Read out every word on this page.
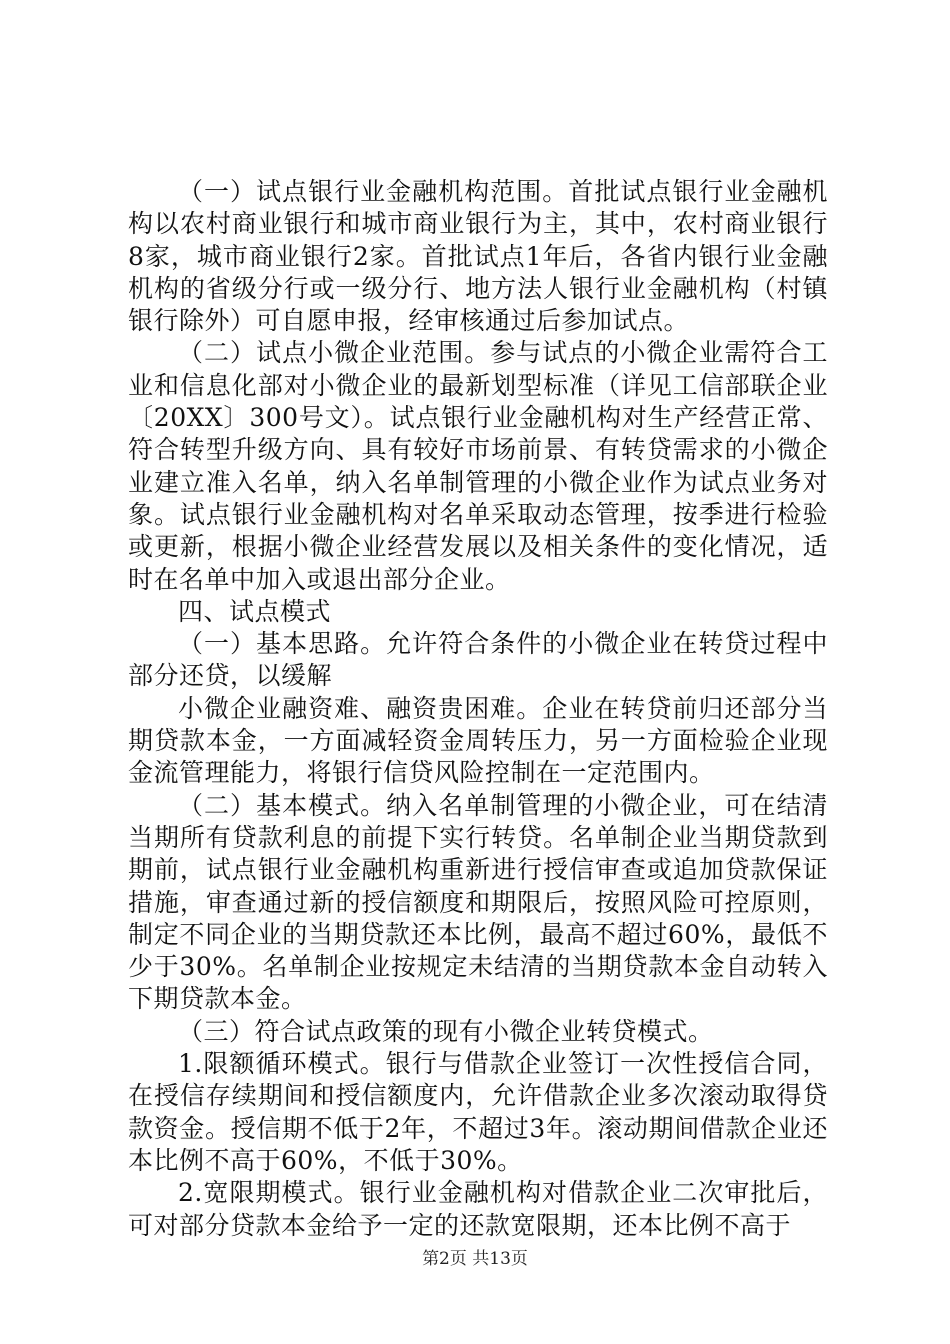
（一）试点银行业金融机构范围。首批试点银行业金融机构以农村商业银行和城市商业银行为主，其中，农村商业银行8家，城市商业银行2家。首批试点1年后，各省内银行业金融机构的省级分行或一级分行、地方法人银行业金融机构（村镇银行除外）可自愿申报，经审核通过后参加试点。

（二）试点小微企业范围。参与试点的小微企业需符合工业和信息化部对小微企业的最新划型标准（详见工信部联企业〔20XX〕300号文）。试点银行业金融机构对生产经营正常、符合转型升级方向、具有较好市场前景、有转贷需求的小微企业建立准入名单，纳入名单制管理的小微企业作为试点业务对象。试点银行业金融机构对名单采取动态管理，按季进行检验或更新，根据小微企业经营发展以及相关条件的变化情况，适时在名单中加入或退出部分企业。

四、试点模式

（一）基本思路。允许符合条件的小微企业在转贷过程中部分还贷，以缓解

小微企业融资难、融资贵困难。企业在转贷前归还部分当期贷款本金，一方面减轻资金周转压力，另一方面检验企业现金流管理能力，将银行信贷风险控制在一定范围内。

（二）基本模式。纳入名单制管理的小微企业，可在结清当期所有贷款利息的前提下实行转贷。名单制企业当期贷款到期前，试点银行业金融机构重新进行授信审查或追加贷款保证措施，审查通过新的授信额度和期限后，按照风险可控原则，制定不同企业的当期贷款还本比例，最高不超过60%，最低不少于30%。名单制企业按规定未结清的当期贷款本金自动转入下期贷款本金。

（三）符合试点政策的现有小微企业转贷模式。

1.限额循环模式。银行与借款企业签订一次性授信合同，在授信存续期间和授信额度内，允许借款企业多次滚动取得贷款资金。授信期不低于2年，不超过3年。滚动期间借款企业还本比例不高于60%，不低于30%。

2.宽限期模式。银行业金融机构对借款企业二次审批后，可对部分贷款本金给予一定的还款宽限期，还本比例不高于

第2页 共13页
